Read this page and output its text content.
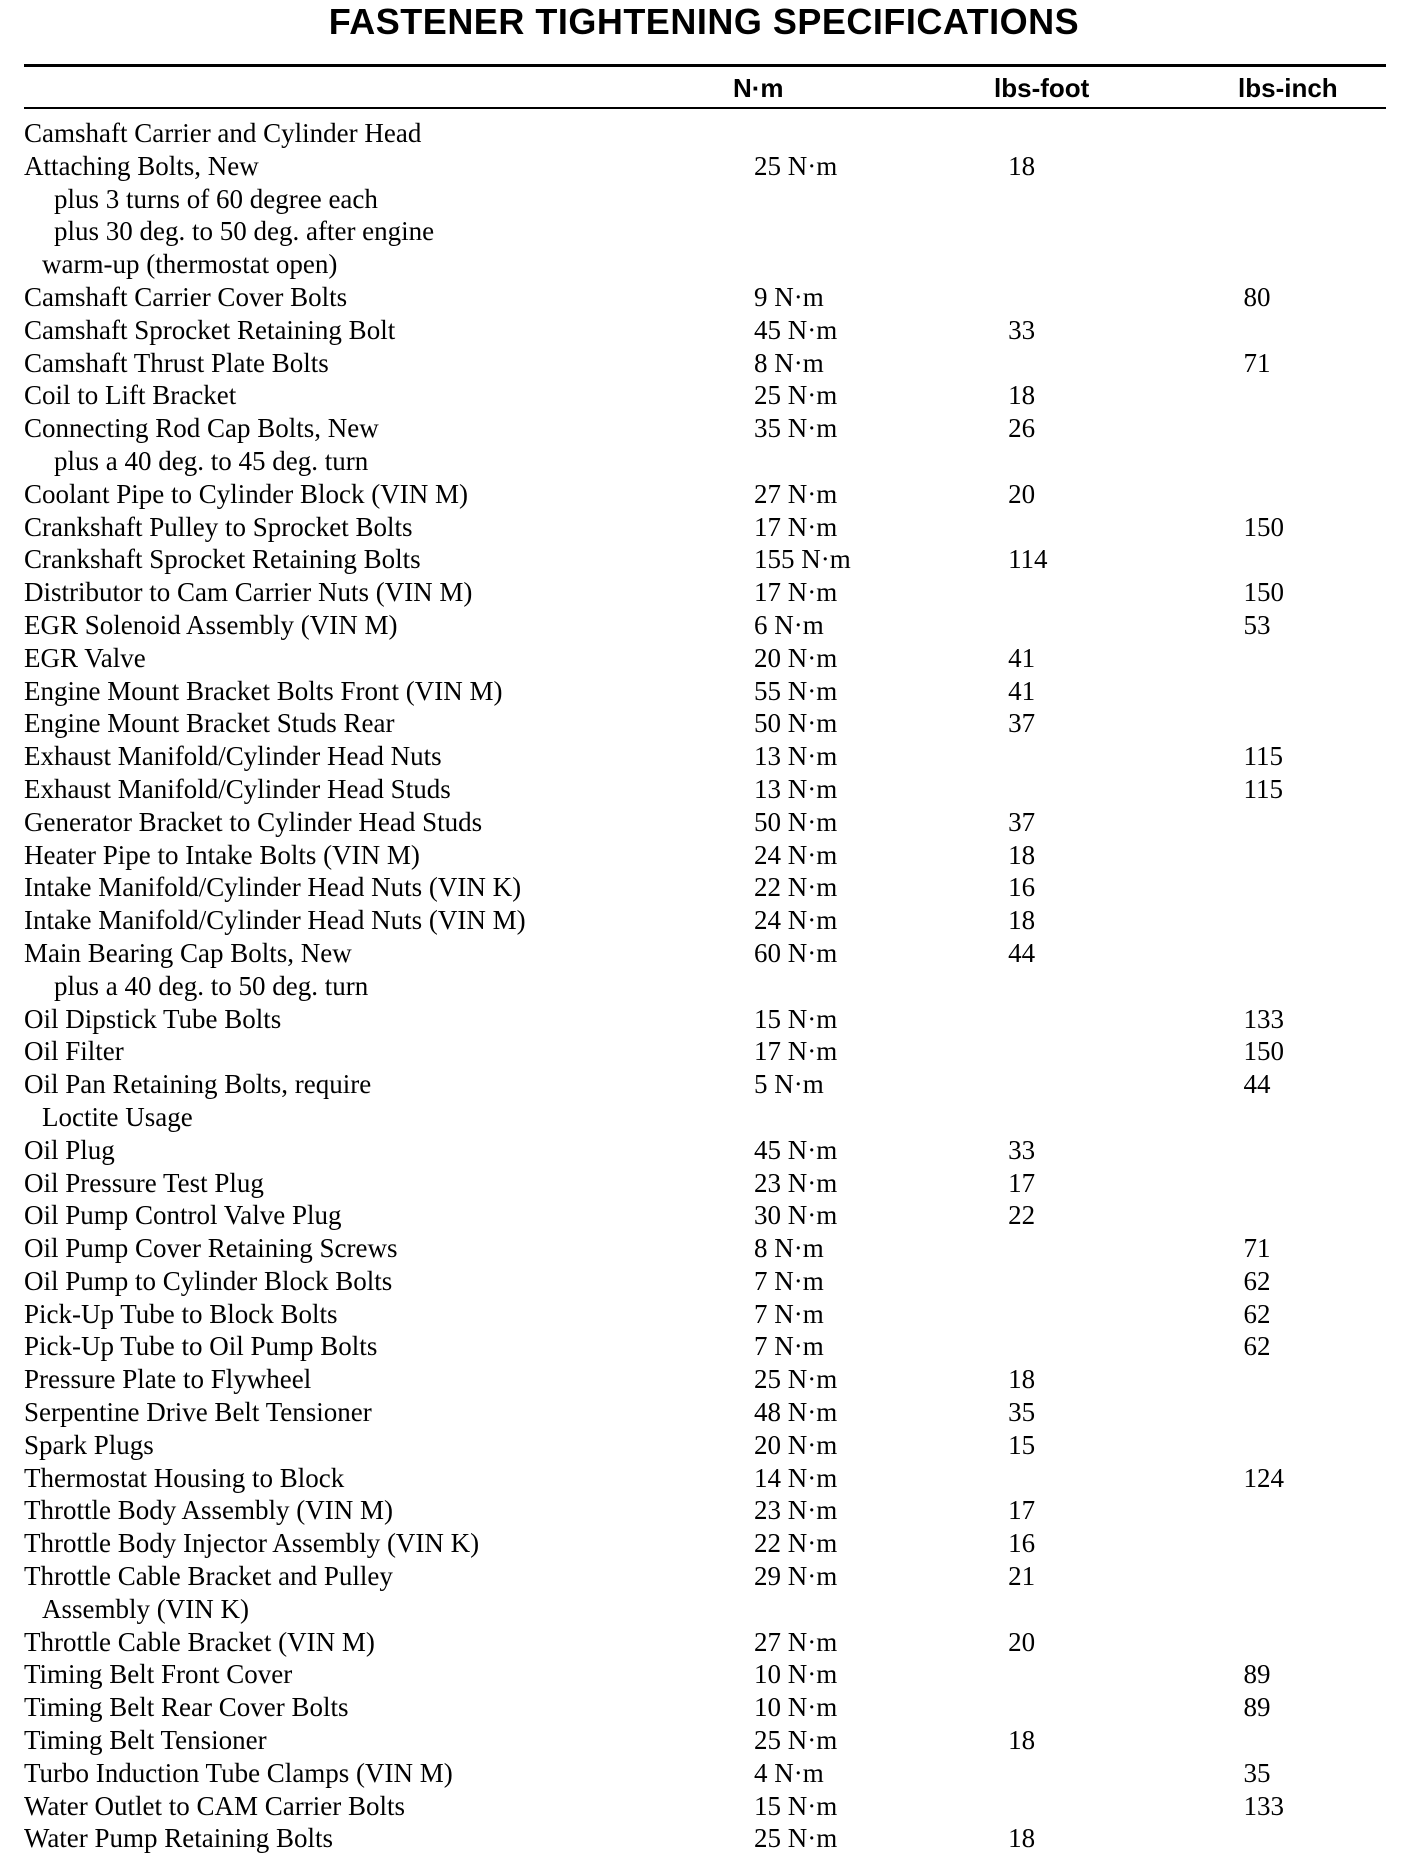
FASTENER TIGHTENING SPECIFICATIONS
N·m	lbs-foot	lbs-inch
Camshaft Carrier and Cylinder Head			
Attaching Bolts, New	25 N·m	18	
plus 3 turns of 60 degree each			
plus 30 deg. to 50 deg. after engine			
warm-up (thermostat open)			
Camshaft Carrier Cover Bolts	9 N·m		80
Camshaft Sprocket Retaining Bolt	45 N·m	33	
Camshaft Thrust Plate Bolts	8 N·m		71
Coil to Lift Bracket	25 N·m	18	
Connecting Rod Cap Bolts, New	35 N·m	26	
plus a 40 deg. to 45 deg. turn			
Coolant Pipe to Cylinder Block (VIN M)	27 N·m	20	
Crankshaft Pulley to Sprocket Bolts	17 N·m		150
Crankshaft Sprocket Retaining Bolts	155 N·m	114	
Distributor to Cam Carrier Nuts (VIN M)	17 N·m		150
EGR Solenoid Assembly (VIN M)	6 N·m		53
EGR Valve	20 N·m	41	
Engine Mount Bracket Bolts Front (VIN M)	55 N·m	41	
Engine Mount Bracket Studs Rear	50 N·m	37	
Exhaust Manifold/Cylinder Head Nuts	13 N·m		115
Exhaust Manifold/Cylinder Head Studs	13 N·m		115
Generator Bracket to Cylinder Head Studs	50 N·m	37	
Heater Pipe to Intake Bolts (VIN M)	24 N·m	18	
Intake Manifold/Cylinder Head Nuts (VIN K)	22 N·m	16	
Intake Manifold/Cylinder Head Nuts (VIN M)	24 N·m	18	
Main Bearing Cap Bolts, New	60 N·m	44	
plus a 40 deg. to 50 deg. turn			
Oil Dipstick Tube Bolts	15 N·m		133
Oil Filter	17 N·m		150
Oil Pan Retaining Bolts, require	5 N·m		44
Loctite Usage			
Oil Plug	45 N·m	33	
Oil Pressure Test Plug	23 N·m	17	
Oil Pump Control Valve Plug	30 N·m	22	
Oil Pump Cover Retaining Screws	8 N·m		71
Oil Pump to Cylinder Block Bolts	7 N·m		62
Pick-Up Tube to Block Bolts	7 N·m		62
Pick-Up Tube to Oil Pump Bolts	7 N·m		62
Pressure Plate to Flywheel	25 N·m	18	
Serpentine Drive Belt Tensioner	48 N·m	35	
Spark Plugs	20 N·m	15	
Thermostat Housing to Block	14 N·m		124
Throttle Body Assembly (VIN M)	23 N·m	17	
Throttle Body Injector Assembly (VIN K)	22 N·m	16	
Throttle Cable Bracket and Pulley	29 N·m	21	
Assembly (VIN K)			
Throttle Cable Bracket (VIN M)	27 N·m	20	
Timing Belt Front Cover	10 N·m		89
Timing Belt Rear Cover Bolts	10 N·m		89
Timing Belt Tensioner	25 N·m	18	
Turbo Induction Tube Clamps (VIN M)	4 N·m		35
Water Outlet to CAM Carrier Bolts	15 N·m		133
Water Pump Retaining Bolts	25 N·m	18	
